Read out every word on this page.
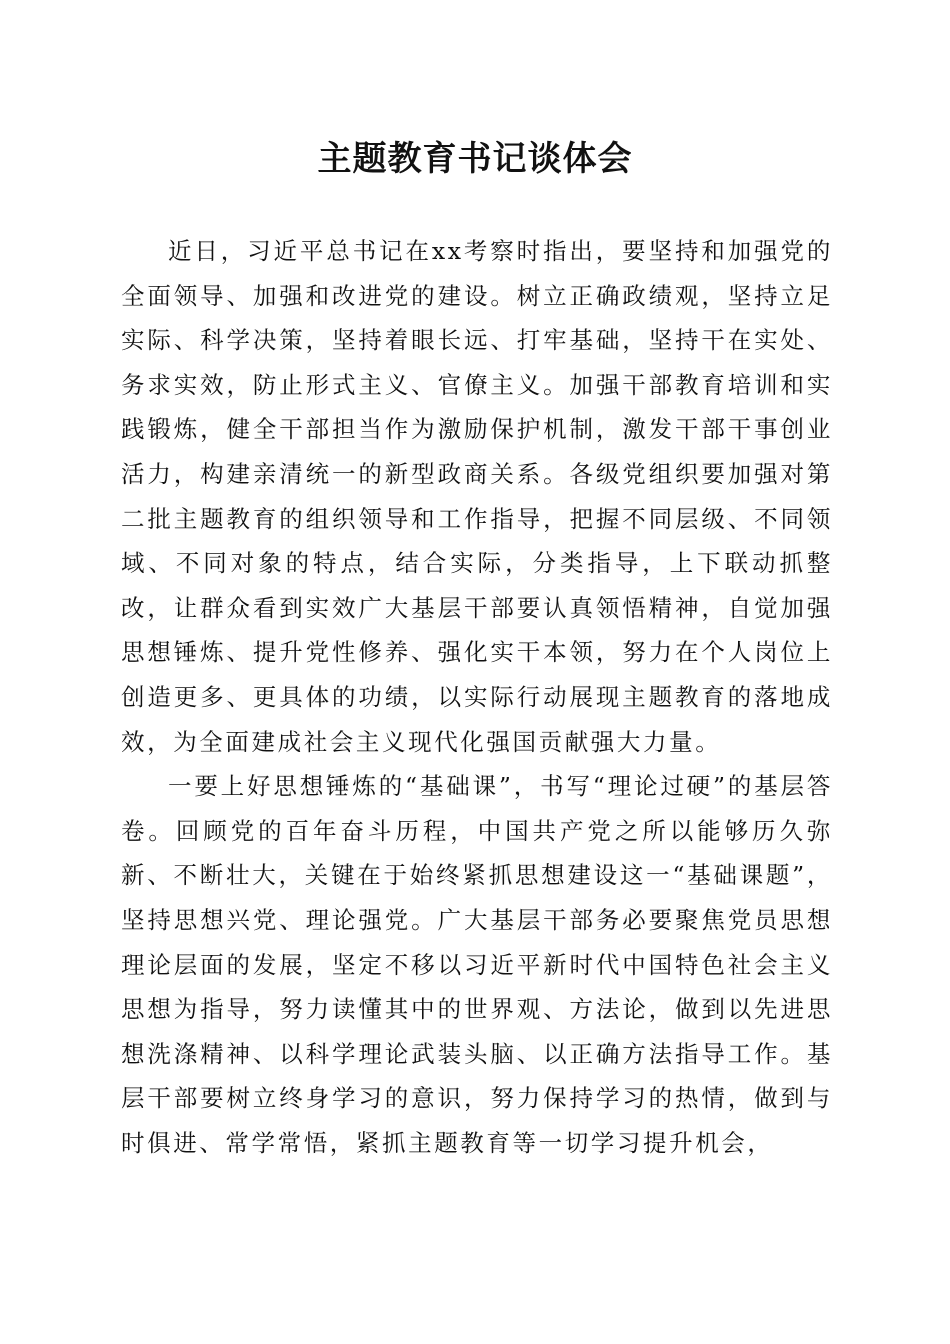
主题教育书记谈体会

近日，习近平总书记在xx考察时指出，要坚持和加强党的全面领导、加强和改进党的建设。树立正确政绩观，坚持立足实际、科学决策，坚持着眼长远、打牢基础，坚持干在实处、务求实效，防止形式主义、官僚主义。加强干部教育培训和实践锻炼，健全干部担当作为激励保护机制，激发干部干事创业活力，构建亲清统一的新型政商关系。各级党组织要加强对第二批主题教育的组织领导和工作指导，把握不同层级、不同领域、不同对象的特点，结合实际，分类指导，上下联动抓整改，让群众看到实效广大基层干部要认真领悟精神，自觉加强思想锤炼、提升党性修养、强化实干本领，努力在个人岗位上创造更多、更具体的功绩，以实际行动展现主题教育的落地成效，为全面建成社会主义现代化强国贡献强大力量。

一要上好思想锤炼的“基础课”，书写“理论过硬”的基层答卷。回顾党的百年奋斗历程，中国共产党之所以能够历久弥新、不断壮大，关键在于始终紧抓思想建设这一“基础课题”，坚持思想兴党、理论强党。广大基层干部务必要聚焦党员思想理论层面的发展，坚定不移以习近平新时代中国特色社会主义思想为指导，努力读懂其中的世界观、方法论，做到以先进思想洗涤精神、以科学理论武装头脑、以正确方法指导工作。基层干部要树立终身学习的意识，努力保持学习的热情，做到与时俱进、常学常悟，紧抓主题教育等一切学习提升机会，
